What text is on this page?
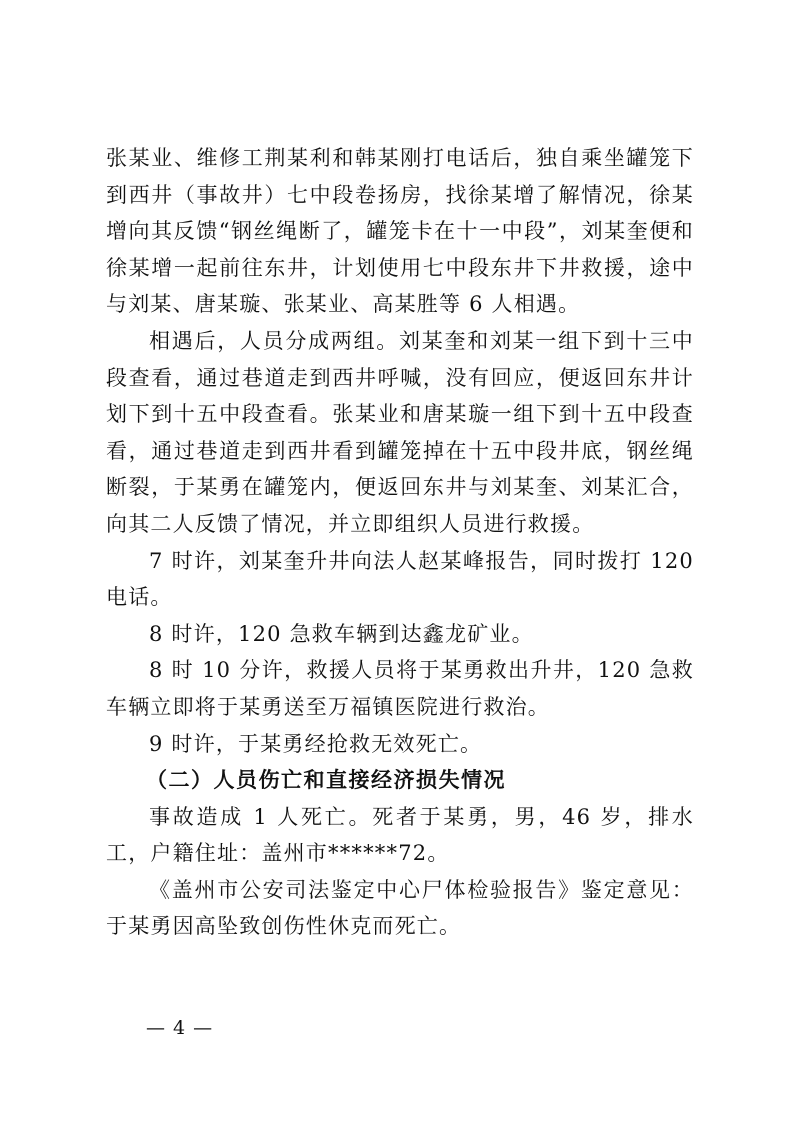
张某业、维修工荆某利和韩某刚打电话后，独自乘坐罐笼下到西井（事故井）七中段卷扬房，找徐某增了解情况，徐某增向其反馈“钢丝绳断了，罐笼卡在十一中段”，刘某奎便和徐某增一起前往东井，计划使用七中段东井下井救援，途中与刘某、唐某璇、张某业、高某胜等 6 人相遇。

相遇后，人员分成两组。刘某奎和刘某一组下到十三中段查看，通过巷道走到西井呼喊，没有回应，便返回东井计划下到十五中段查看。张某业和唐某璇一组下到十五中段查看，通过巷道走到西井看到罐笼掉在十五中段井底，钢丝绳断裂，于某勇在罐笼内，便返回东井与刘某奎、刘某汇合，向其二人反馈了情况，并立即组织人员进行救援。

7 时许，刘某奎升井向法人赵某峰报告，同时拨打 120 电话。

8 时许，120 急救车辆到达鑫龙矿业。

8 时 10 分许，救援人员将于某勇救出升井，120 急救车辆立即将于某勇送至万福镇医院进行救治。

9 时许，于某勇经抢救无效死亡。

（二）人员伤亡和直接经济损失情况

事故造成 1 人死亡。死者于某勇，男，46 岁，排水工，户籍住址：盖州市******72。

《盖州市公安司法鉴定中心尸体检验报告》鉴定意见：于某勇因高坠致创伤性休克而死亡。

— 4 —
